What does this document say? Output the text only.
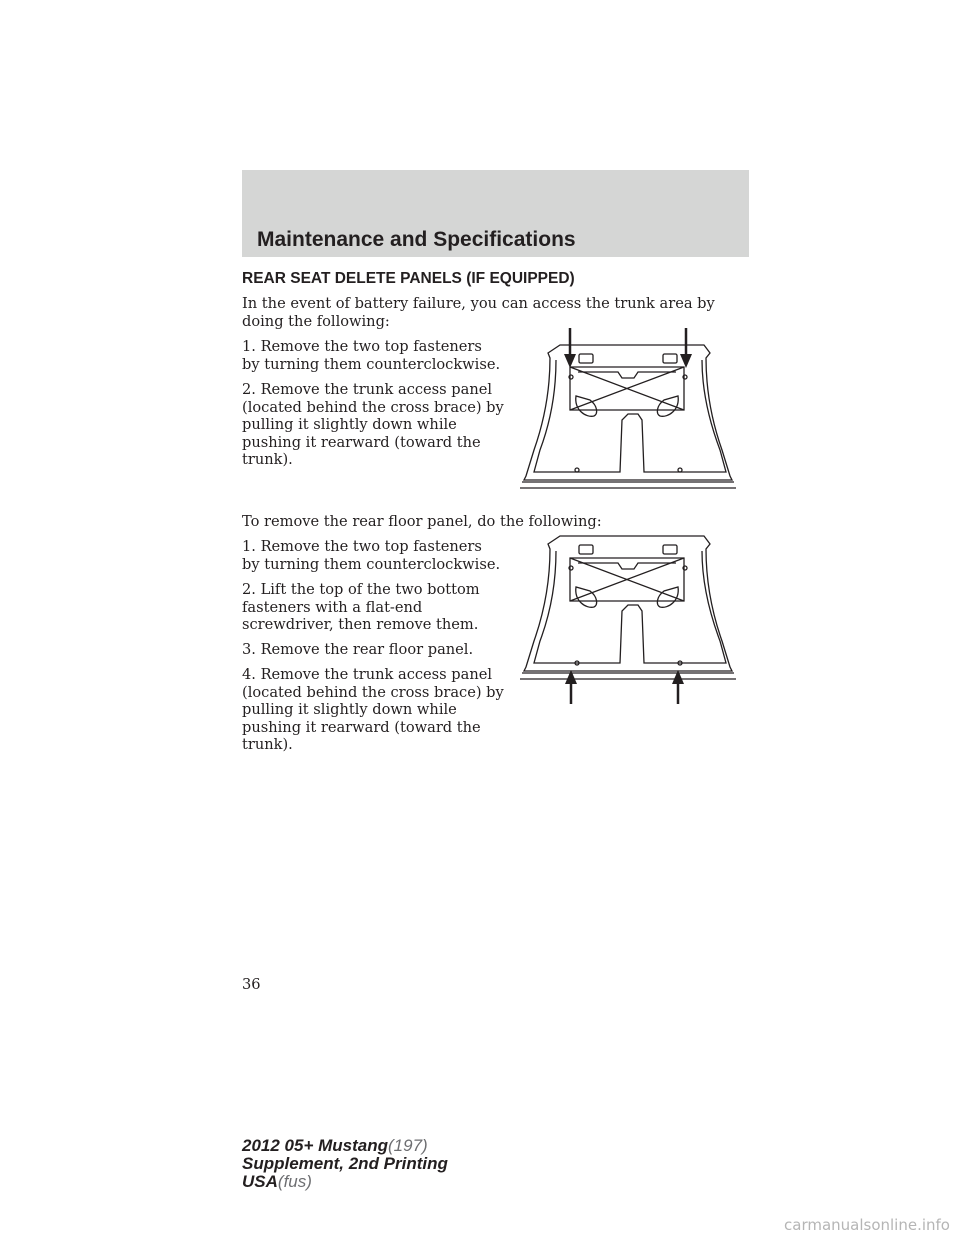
Maintenance and Specifications
REAR SEAT DELETE PANELS (IF EQUIPPED)

In the event of battery failure, you can access the trunk area by doing the following:

1. Remove the two top fasteners by turning them counterclockwise.

2. Remove the trunk access panel (located behind the cross brace) by pulling it slightly down while pushing it rearward (toward the trunk).

To remove the rear floor panel, do the following:

1. Remove the two top fasteners by turning them counterclockwise.

2. Lift the top of the two bottom fasteners with a flat-end screwdriver, then remove them.

3. Remove the rear floor panel.

4. Remove the trunk access panel (located behind the cross brace) by pulling it slightly down while pushing it rearward (toward the trunk).

36
2012 05+ Mustang(197)
Supplement, 2nd Printing
USA(fus)
carmanualsonline.info
